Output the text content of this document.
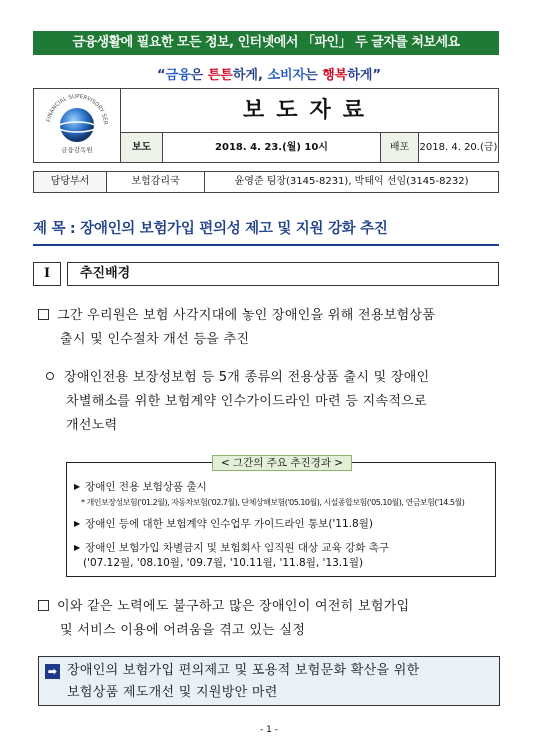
금융생활에 필요한 모든 정보, 인터넷에서 「파인」 두 글자를 쳐보세요
“금융은 튼튼하게, 소비자는 행복하게”
FINANCIAL SUPERVISORY SER
금융감독원
보도자료
보도	2018. 4. 23.(월) 10시	배포	2018. 4. 20.(금)
담당부서	보험감리국	윤영준 팀장(3145-8231), 박태익 선임(3145-8232)
제 목 : 장애인의 보험가입 편의성 제고 및 지원 강화 추진
I	추진배경
그간 우리원은 보험 사각지대에 놓인 장애인을 위해 전용보험상품
출시 및 인수절차 개선 등을 추진
장애인전용 보장성보험 등 5개 종류의 전용상품 출시 및 장애인
차별해소를 위한 보험계약 인수가이드라인 마련 등 지속적으로
개선노력
< 그간의 주요 추진경과 >
▶ 장애인 전용 보험상품 출시
* 개인보장성보험('01.2월), 자동차보험('02.7월), 단체상해보험('05.10월), 시설종합보험('05.10월), 연금보험('14.5월)
▶ 장애인 등에 대한 보험계약 인수업무 가이드라인 통보('11.8월)
▶ 장애인 보험가입 차별금지 및 보험회사 임직원 대상 교육 강화 촉구
('07.12월, '08.10월, '09.7월, '10.11월, '11.8월, '13.1월)
이와 같은 노력에도 불구하고 많은 장애인이 여전히 보험가입
및 서비스 이용에 어려움을 겪고 있는 실정
➡ 장애인의 보험가입 편의제고 및 포용적 보험문화 확산을 위한
보험상품 제도개선 및 지원방안 마련
- 1 -
